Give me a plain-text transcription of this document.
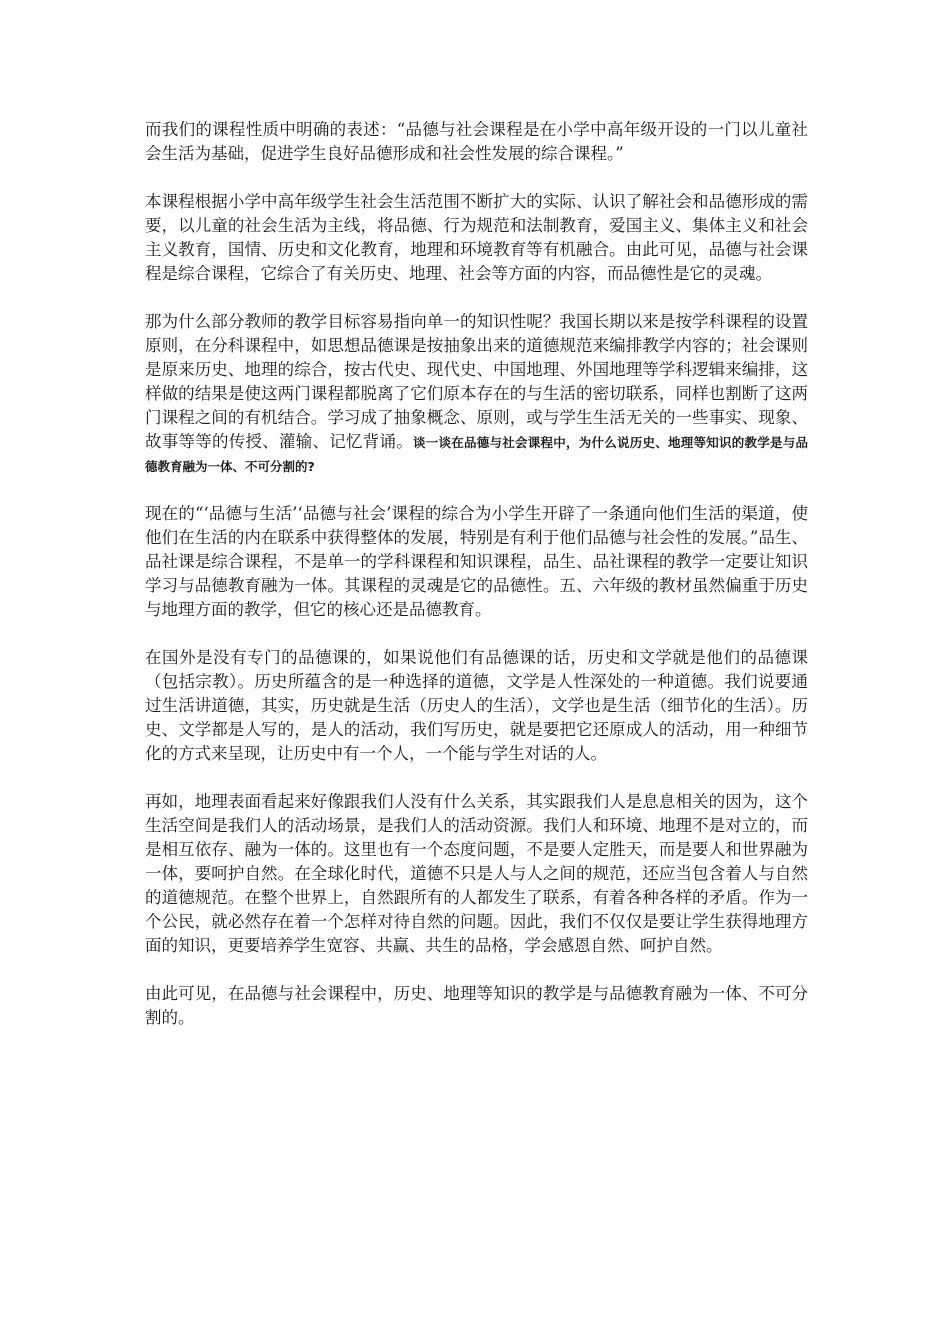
而我们的课程性质中明确的表述：“品德与社会课程是在小学中高年级开设的一门以儿童社会生活为基础，促进学生良好品德形成和社会性发展的综合课程。”

本课程根据小学中高年级学生社会生活范围不断扩大的实际、认识了解社会和品德形成的需要，以儿童的社会生活为主线，将品德、行为规范和法制教育，爱国主义、集体主义和社会主义教育，国情、历史和文化教育，地理和环境教育等有机融合。由此可见，品德与社会课程是综合课程，它综合了有关历史、地理、社会等方面的内容，而品德性是它的灵魂。

那为什么部分教师的教学目标容易指向单一的知识性呢？我国长期以来是按学科课程的设置原则，在分科课程中，如思想品德课是按抽象出来的道德规范来编排教学内容的；社会课则是原来历史、地理的综合，按古代史、现代史、中国地理、外国地理等学科逻辑来编排，这样做的结果是使这两门课程都脱离了它们原本存在的与生活的密切联系，同样也割断了这两门课程之间的有机结合。学习成了抽象概念、原则，或与学生生活无关的一些事实、现象、故事等等的传授、灌输、记忆背诵。谈一谈在品德与社会课程中，为什么说历史、地理等知识的教学是与品德教育融为一体、不可分割的?

现在的“‘品德与生活’‘品德与社会’课程的综合为小学生开辟了一条通向他们生活的渠道，使他们在生活的内在联系中获得整体的发展，特别是有利于他们品德与社会性的发展。”品生、品社课是综合课程，不是单一的学科课程和知识课程，品生、品社课程的教学一定要让知识学习与品德教育融为一体。其课程的灵魂是它的品德性。五、六年级的教材虽然偏重于历史与地理方面的教学，但它的核心还是品德教育。

在国外是没有专门的品德课的，如果说他们有品德课的话，历史和文学就是他们的品德课（包括宗教）。历史所蕴含的是一种选择的道德，文学是人性深处的一种道德。我们说要通过生活讲道德，其实，历史就是生活（历史人的生活），文学也是生活（细节化的生活）。历史、文学都是人写的，是人的活动，我们写历史，就是要把它还原成人的活动，用一种细节化的方式来呈现，让历史中有一个人，一个能与学生对话的人。

再如，地理表面看起来好像跟我们人没有什么关系，其实跟我们人是息息相关的因为，这个生活空间是我们人的活动场景，是我们人的活动资源。我们人和环境、地理不是对立的，而是相互依存、融为一体的。这里也有一个态度问题，不是要人定胜天，而是要人和世界融为一体，要呵护自然。在全球化时代，道德不只是人与人之间的规范，还应当包含着人与自然的道德规范。在整个世界上，自然跟所有的人都发生了联系，有着各种各样的矛盾。作为一个公民，就必然存在着一个怎样对待自然的问题。因此，我们不仅仅是要让学生获得地理方面的知识，更要培养学生宽容、共赢、共生的品格，学会感恩自然、呵护自然。

由此可见，在品德与社会课程中，历史、地理等知识的教学是与品德教育融为一体、不可分割的。
